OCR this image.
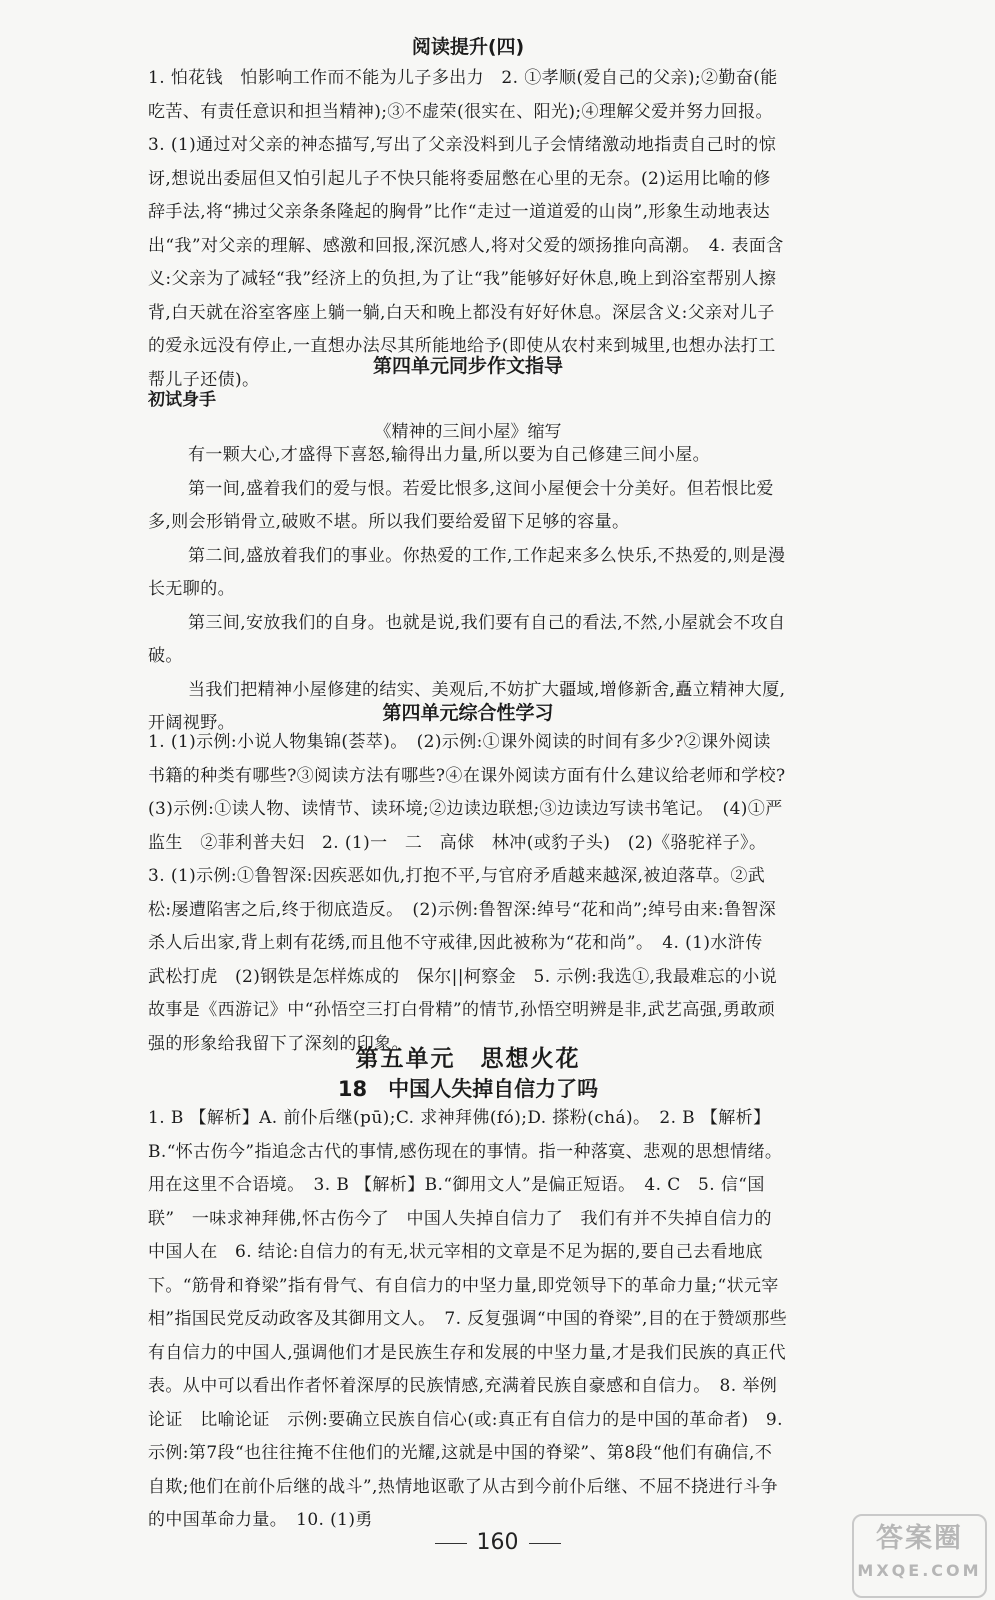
阅读提升(四)

1. 怕花钱　怕影响工作而不能为儿子多出力　2. ①孝顺(爱自己的父亲);②勤奋(能吃苦、有责任意识和担当精神);③不虚荣(很实在、阳光);④理解父爱并努力回报。　3. (1)通过对父亲的神态描写,写出了父亲没料到儿子会情绪激动地指责自己时的惊讶,想说出委屈但又怕引起儿子不快只能将委屈憋在心里的无奈。(2)运用比喻的修辞手法,将“拂过父亲条条隆起的胸骨”比作“走过一道道爱的山岗”,形象生动地表达出“我”对父亲的理解、感激和回报,深沉感人,将对父爱的颂扬推向高潮。　4. 表面含义:父亲为了减轻“我”经济上的负担,为了让“我”能够好好休息,晚上到浴室帮别人擦背,白天就在浴室客座上躺一躺,白天和晚上都没有好好休息。深层含义:父亲对儿子的爱永远没有停止,一直想办法尽其所能地给予(即使从农村来到城里,也想办法打工帮儿子还债)。

第四单元同步作文指导

初试身手

《精神的三间小屋》缩写

有一颗大心,才盛得下喜怒,输得出力量,所以要为自己修建三间小屋。

第一间,盛着我们的爱与恨。若爱比恨多,这间小屋便会十分美好。但若恨比爱多,则会形销骨立,破败不堪。所以我们要给爱留下足够的容量。

第二间,盛放着我们的事业。你热爱的工作,工作起来多么快乐,不热爱的,则是漫长无聊的。

第三间,安放我们的自身。也就是说,我们要有自己的看法,不然,小屋就会不攻自破。

当我们把精神小屋修建的结实、美观后,不妨扩大疆域,增修新舍,矗立精神大厦,开阔视野。	第四单元综合性学习

1. (1)示例:小说人物集锦(荟萃)。　(2)示例:①课外阅读的时间有多少?②课外阅读书籍的种类有哪些?③阅读方法有哪些?④在课外阅读方面有什么建议给老师和学校?　(3)示例:①读人物、读情节、读环境;②边读边联想;③边读边写读书笔记。　(4)①严监生　②菲利普夫妇　2. (1)一　二　高俅　林冲(或豹子头)　(2)《骆驼祥子》。　3. (1)示例:①鲁智深:因疾恶如仇,打抱不平,与官府矛盾越来越深,被迫落草。②武松:屡遭陷害之后,终于彻底造反。　(2)示例:鲁智深:绰号“花和尚”;绰号由来:鲁智深杀人后出家,背上刺有花绣,而且他不守戒律,因此被称为“花和尚”。　4. (1)水浒传　武松打虎　(2)钢铁是怎样炼成的　保尔||柯察金　5. 示例:我选①,我最难忘的小说故事是《西游记》中“孙悟空三打白骨精”的情节,孙悟空明辨是非,武艺高强,勇敢顽强的形象给我留下了深刻的印象。

第五单元　思想火花
18　中国人失掉自信力了吗

1. B 【解析】A. 前仆后继(pū);C. 求神拜佛(fó);D. 搽粉(chá)。　2. B 【解析】B.“怀古伤今”指追念古代的事情,感伤现在的事情。指一种落寞、悲观的思想情绪。用在这里不合语境。　3. B 【解析】B.“御用文人”是偏正短语。　4. C　5. 信“国联”　一味求神拜佛,怀古伤今了　中国人失掉自信力了　我们有并不失掉自信力的中国人在　6. 结论:自信力的有无,状元宰相的文章是不足为据的,要自己去看地底下。“筋骨和脊梁”指有骨气、有自信力的中坚力量,即党领导下的革命力量;“状元宰相”指国民党反动政客及其御用文人。　7. 反复强调“中国的脊梁”,目的在于赞颂那些有自信力的中国人,强调他们才是民族生存和发展的中坚力量,才是我们民族的真正代表。从中可以看出作者怀着深厚的民族情感,充满着民族自豪感和自信力。　8. 举例论证　比喻论证　示例:要确立民族自信心(或:真正有自信力的是中国的革命者)　9. 示例:第7段“也往往掩不住他们的光耀,这就是中国的脊梁”、第8段“他们有确信,不自欺;他们在前仆后继的战斗”,热情地讴歌了从古到今前仆后继、不屈不挠进行斗争的中国革命力量。　10. (1)勇

160	答案圈
MXQE.COM
